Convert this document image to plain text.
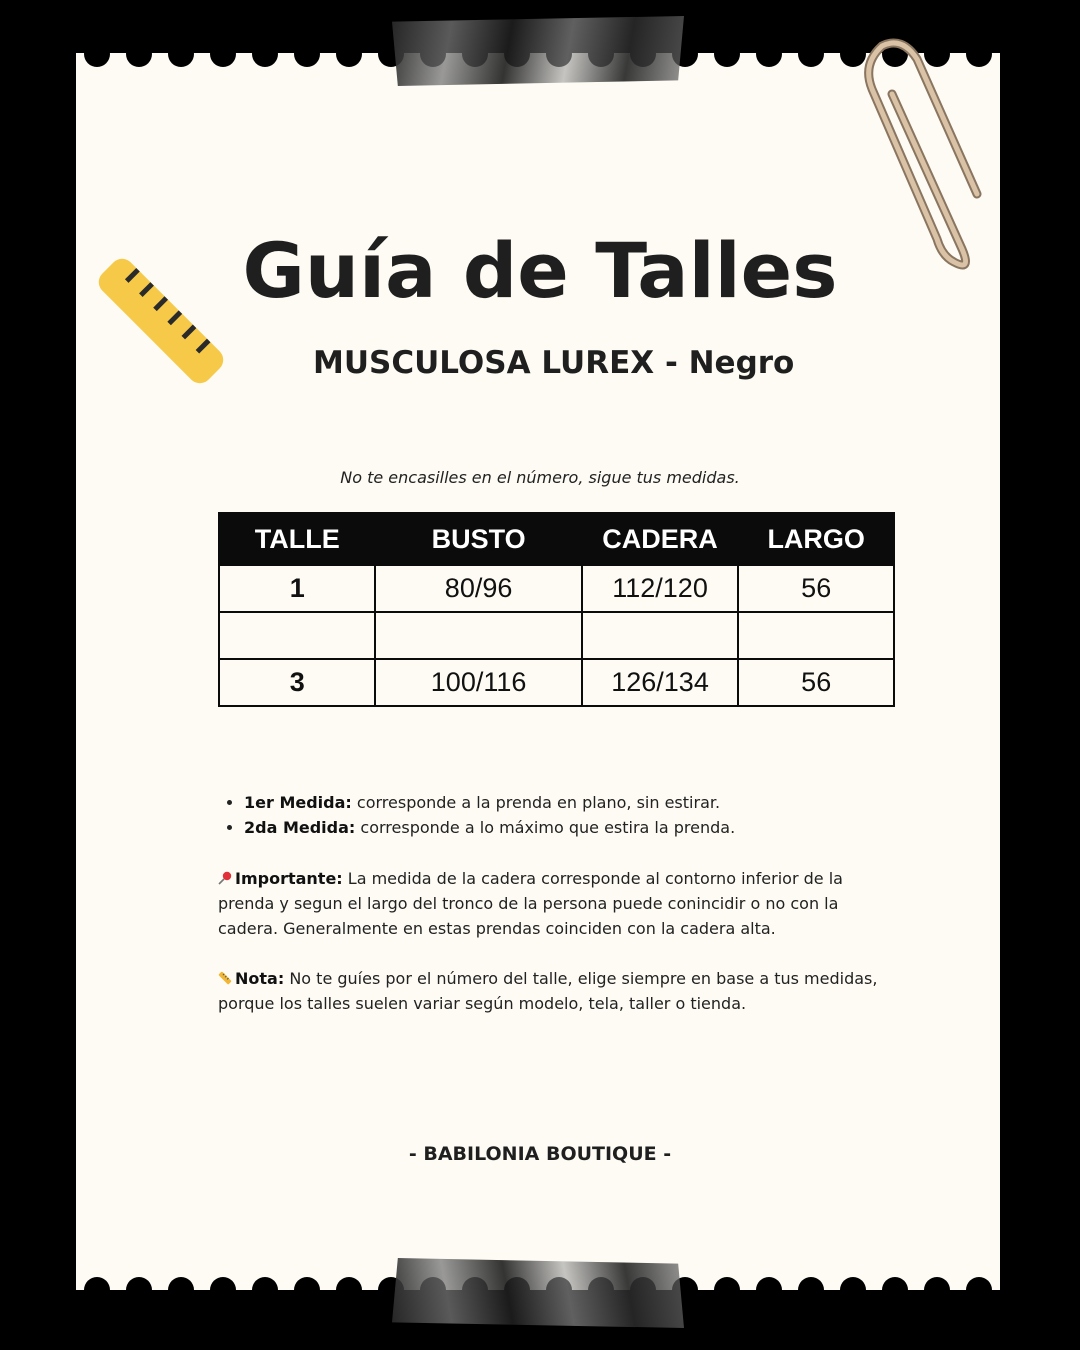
Guía de Talles
MUSCULOSA LUREX - Negro
No te encasilles en el número, sigue tus medidas.
TALLE	BUSTO	CADERA	LARGO
1	80/96	112/120	56

3	100/116	126/134	56
• 1er Medida: corresponde a la prenda en plano, sin estirar.
• 2da Medida: corresponde a lo máximo que estira la prenda.

Importante: La medida de la cadera corresponde al contorno inferior de la prenda y segun el largo del tronco de la persona puede conincidir o no con la cadera. Generalmente en estas prendas coinciden con la cadera alta.

Nota: No te guíes por el número del talle, elige siempre en base a tus medidas, porque los talles suelen variar según modelo, tela, taller o tienda.

- BABILONIA BOUTIQUE -
